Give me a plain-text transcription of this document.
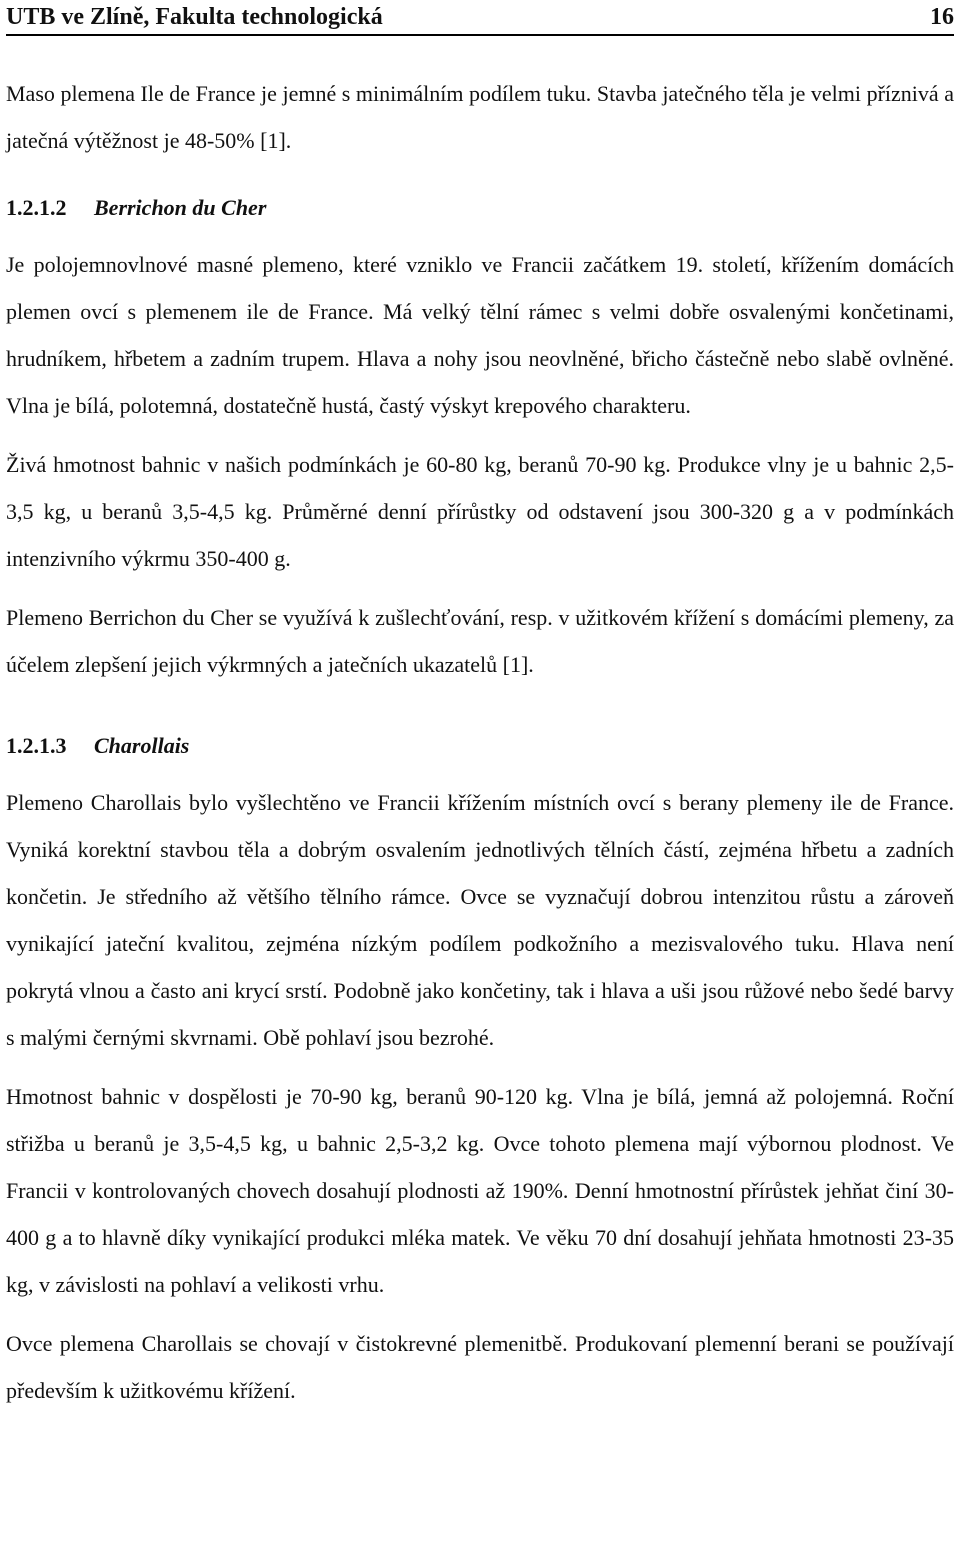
UTB ve Zlíně, Fakulta technologická	16

Maso plemena Ile de France je jemné s minimálním podílem tuku. Stavba jatečného těla je velmi příznivá a jatečná výtěžnost je 48-50% [1].

1.2.1.2 Berrichon du Cher

Je polojemnovlnové masné plemeno, které vzniklo ve Francii začátkem 19. století, křížením domácích plemen ovcí s plemenem ile de France. Má velký tělní rámec s velmi dobře osvalenými končetinami, hrudníkem, hřbetem a zadním trupem. Hlava a nohy jsou neovlněné, břicho částečně nebo slabě ovlněné. Vlna je bílá, polotemná, dostatečně hustá, častý výskyt krepového charakteru.

Živá hmotnost bahnic v našich podmínkách je 60-80 kg, beranů 70-90 kg. Produkce vlny je u bahnic 2,5-3,5 kg, u beranů 3,5-4,5 kg. Průměrné denní přírůstky od odstavení jsou 300-320 g a v podmínkách intenzivního výkrmu 350-400 g.

Plemeno Berrichon du Cher se využívá k zušlechťování, resp. v užitkovém křížení s domácími plemeny, za účelem zlepšení jejich výkrmných a jatečních ukazatelů [1].

1.2.1.3 Charollais

Plemeno Charollais bylo vyšlechtěno ve Francii křížením místních ovcí s berany plemeny ile de France. Vyniká korektní stavbou těla a dobrým osvalením jednotlivých tělních částí, zejména hřbetu a zadních končetin. Je středního až většího tělního rámce. Ovce se vyznačují dobrou intenzitou růstu a zároveň vynikající jateční kvalitou, zejména nízkým podílem podkožního a mezisvalového tuku. Hlava není pokrytá vlnou a často ani krycí srstí. Podobně jako končetiny, tak i hlava a uši jsou růžové nebo šedé barvy s malými černými skvrnami. Obě pohlaví jsou bezrohé.

Hmotnost bahnic v dospělosti je 70-90 kg, beranů 90-120 kg. Vlna je bílá, jemná až polojemná. Roční střižba u beranů je 3,5-4,5 kg, u bahnic 2,5-3,2 kg. Ovce tohoto plemena mají výbornou plodnost. Ve Francii v kontrolovaných chovech dosahují plodnosti až 190%. Denní hmotnostní přírůstek jehňat činí 30-400 g a to hlavně díky vynikající produkci mléka matek. Ve věku 70 dní dosahují jehňata hmotnosti 23-35 kg, v závislosti na pohlaví a velikosti vrhu.

Ovce plemena Charollais se chovají v čistokrevné plemenitbě. Produkovaní plemenní berani se používají především k užitkovému křížení.
